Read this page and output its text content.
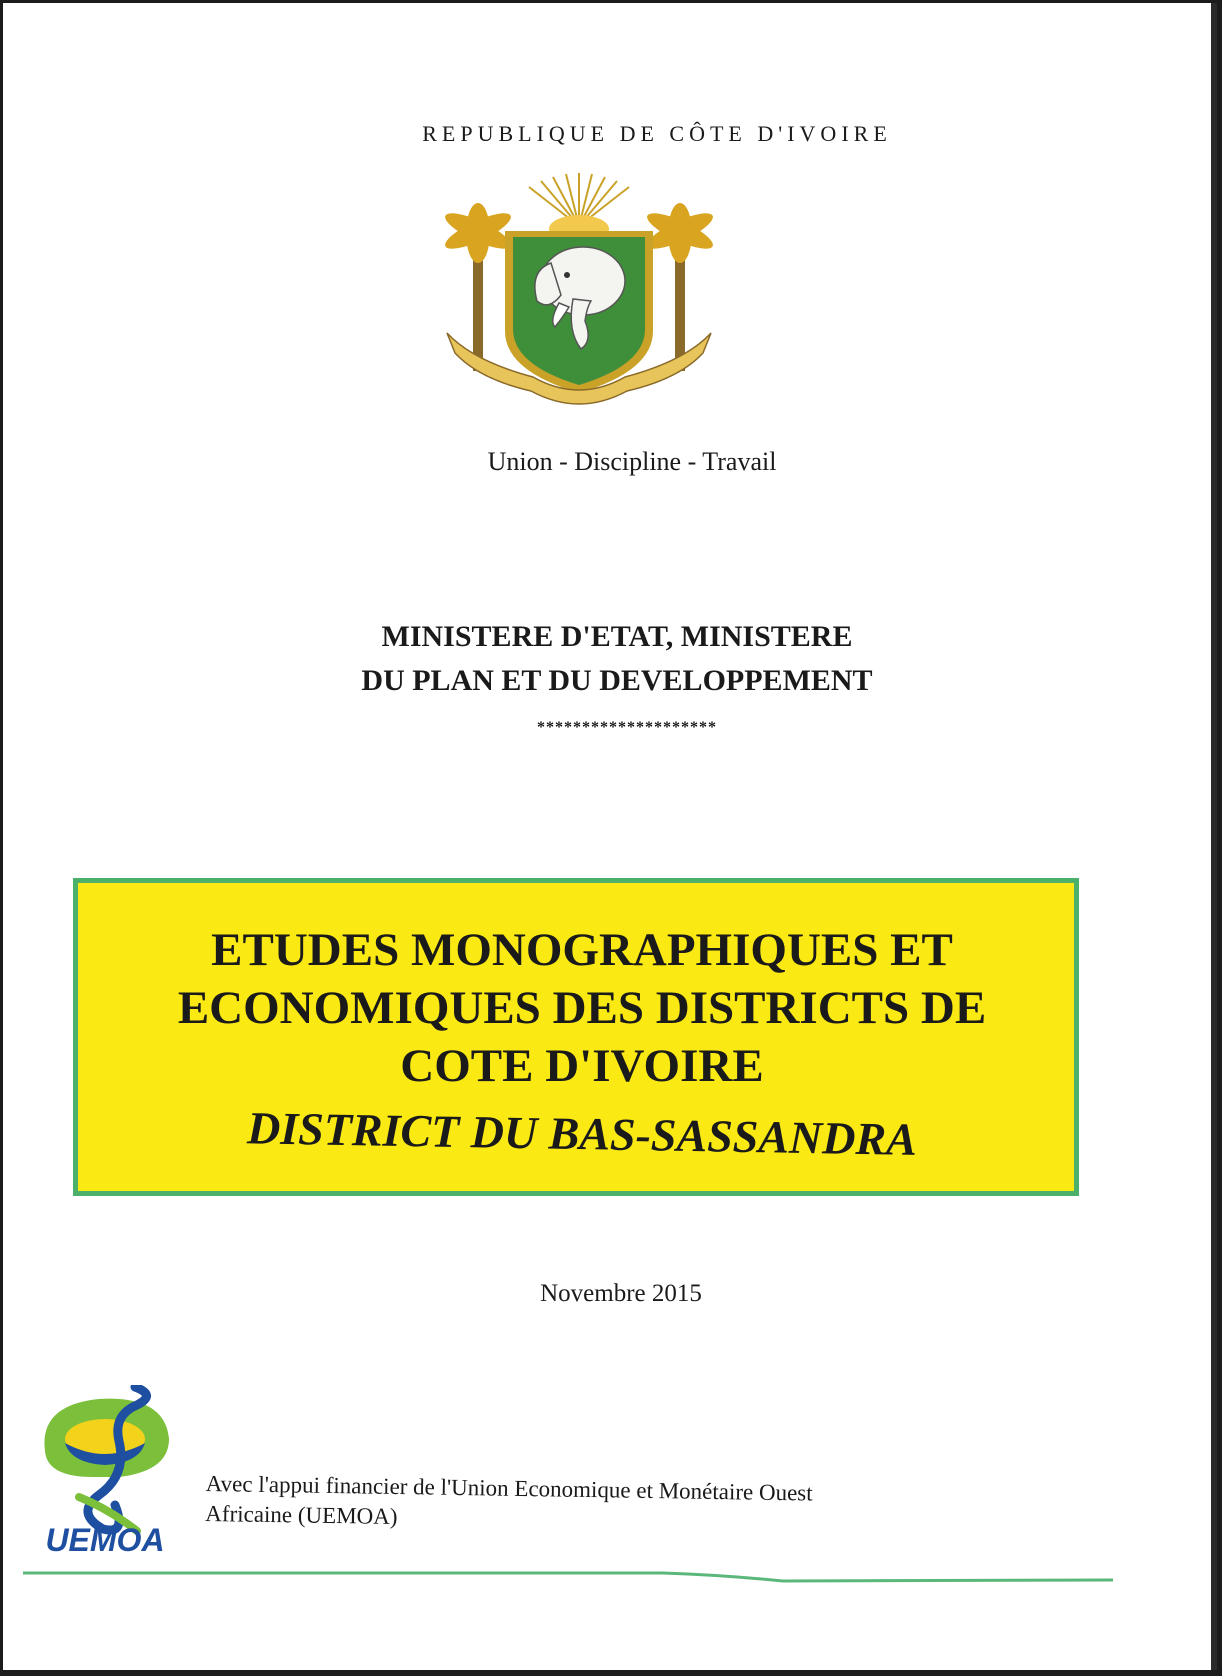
REPUBLIQUE DE CÔTE D'IVOIRE
Union - Discipline - Travail
MINISTERE D'ETAT, MINISTERE
DU PLAN ET DU DEVELOPPEMENT
********************
ETUDES MONOGRAPHIQUES ET
ECONOMIQUES DES DISTRICTS DE
COTE D'IVOIRE
DISTRICT DU BAS-SASSANDRA
Novembre 2015
UEMOA
Avec l'appui financier de l'Union Economique et Monétaire Ouest
Africaine (UEMOA)
